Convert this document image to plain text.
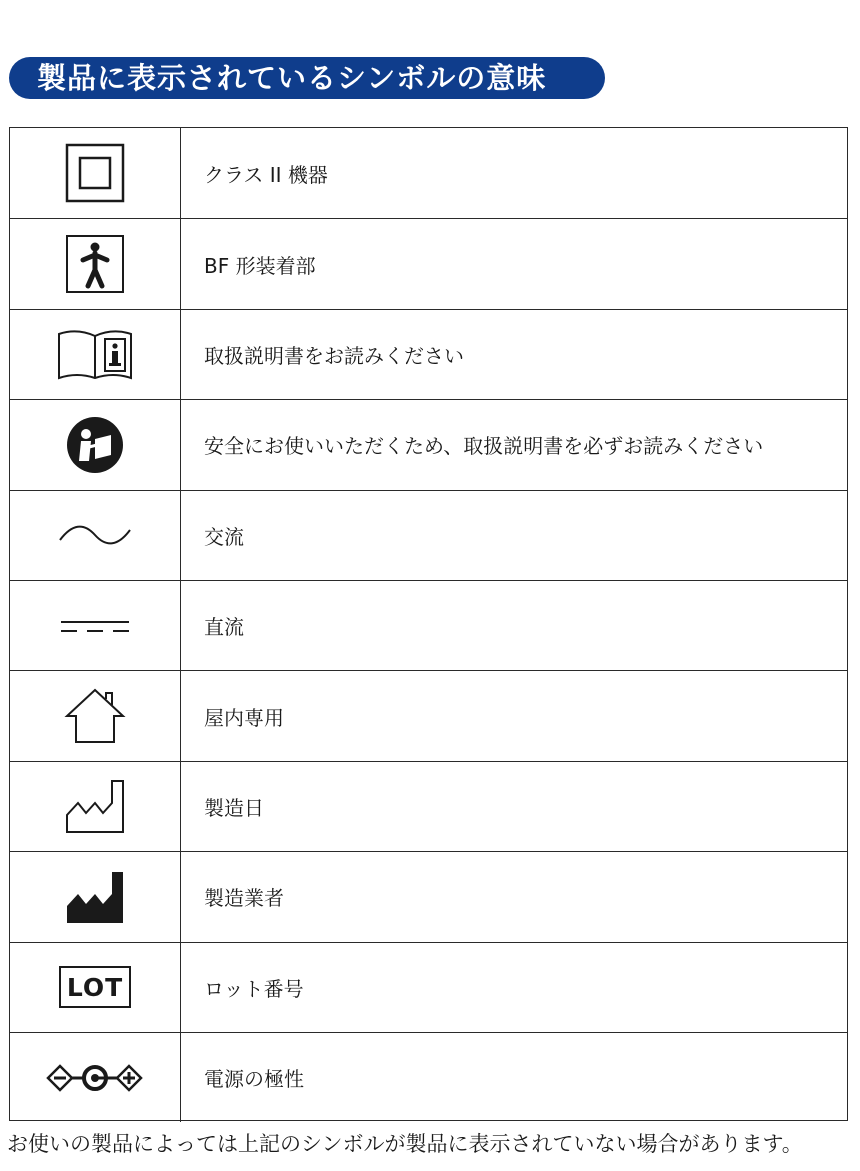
製品に表示されているシンボルの意味
クラス II 機器
BF 形装着部
取扱説明書をお読みください
安全にお使いいただくため、取扱説明書を必ずお読みください
交流
直流
屋内専用
製造日
製造業者
LOT	ロット番号
電源の極性
お使いの製品によっては上記のシンボルが製品に表示されていない場合があります。
